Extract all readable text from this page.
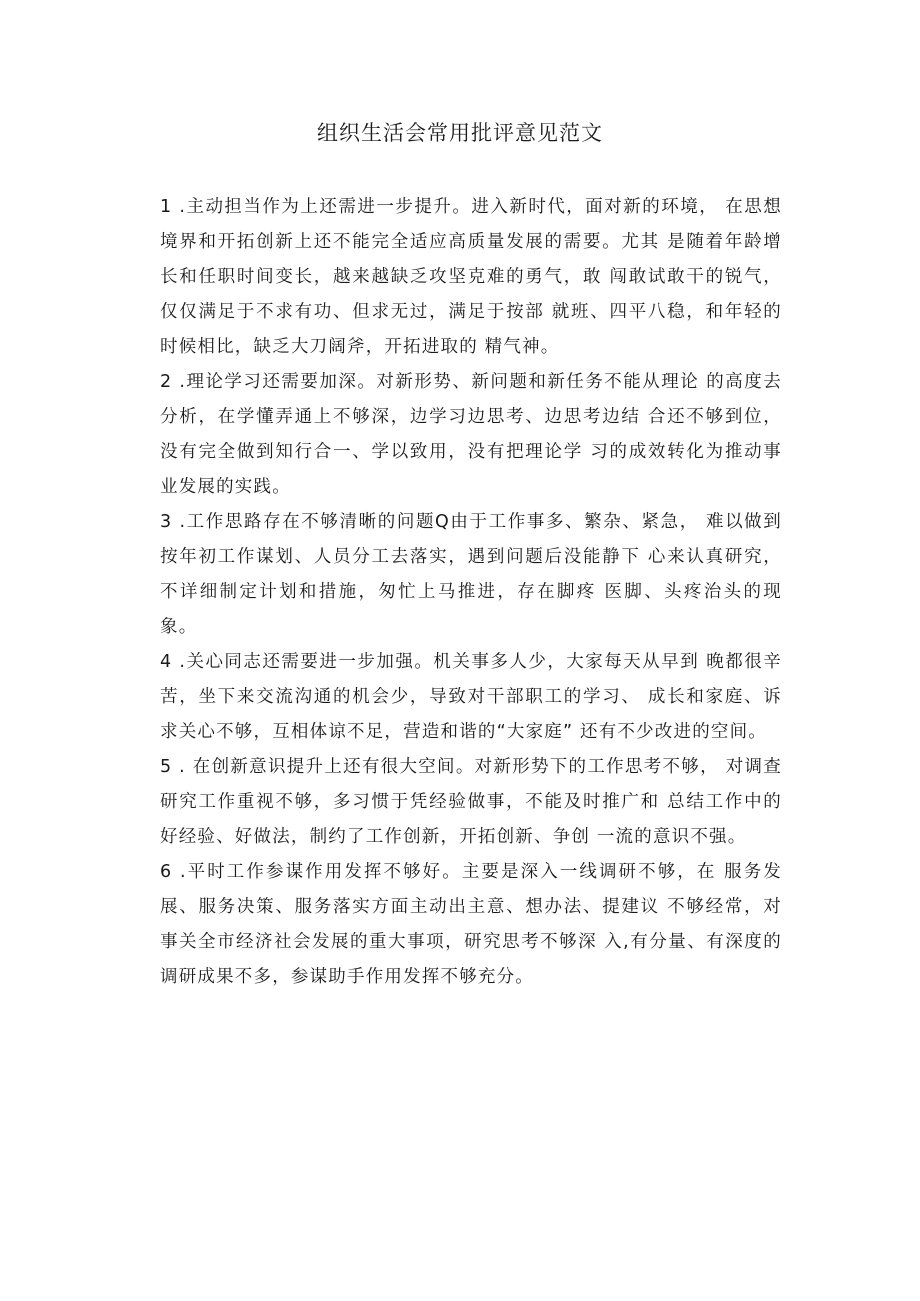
组织生活会常用批评意见范文

1 .主动担当作为上还需进一步提升。进入新时代，面对新的环境， 在思想境界和开拓创新上还不能完全适应高质量发展的需要。尤其 是随着年龄增长和任职时间变长，越来越缺乏攻坚克难的勇气，敢 闯敢试敢干的锐气，仅仅满足于不求有功、但求无过，满足于按部 就班、四平八稳，和年轻的时候相比，缺乏大刀阔斧，开拓进取的 精气神。

2 .理论学习还需要加深。对新形势、新问题和新任务不能从理论 的高度去分析，在学懂弄通上不够深，边学习边思考、边思考边结 合还不够到位，没有完全做到知行合一、学以致用，没有把理论学 习的成效转化为推动事业发展的实践。

3 .工作思路存在不够清晰的问题Q由于工作事多、繁杂、紧急， 难以做到按年初工作谋划、人员分工去落实，遇到问题后没能静下 心来认真研究，不详细制定计划和措施，匆忙上马推进，存在脚疼 医脚、头疼治头的现象。

4 .关心同志还需要进一步加强。机关事多人少，大家每天从早到 晚都很辛苦，坐下来交流沟通的机会少，导致对干部职工的学习、 成长和家庭、诉求关心不够，互相体谅不足，营造和谐的“大家庭” 还有不少改进的空间。

5 . 在创新意识提升上还有很大空间。对新形势下的工作思考不够， 对调查研究工作重视不够，多习惯于凭经验做事，不能及时推广和 总结工作中的好经验、好做法，制约了工作创新，开拓创新、争创 一流的意识不强。

6 .平时工作参谋作用发挥不够好。主要是深入一线调研不够，在 服务发展、服务决策、服务落实方面主动出主意、想办法、提建议 不够经常，对事关全市经济社会发展的重大事项，研究思考不够深 入,有分量、有深度的调研成果不多，参谋助手作用发挥不够充分。
